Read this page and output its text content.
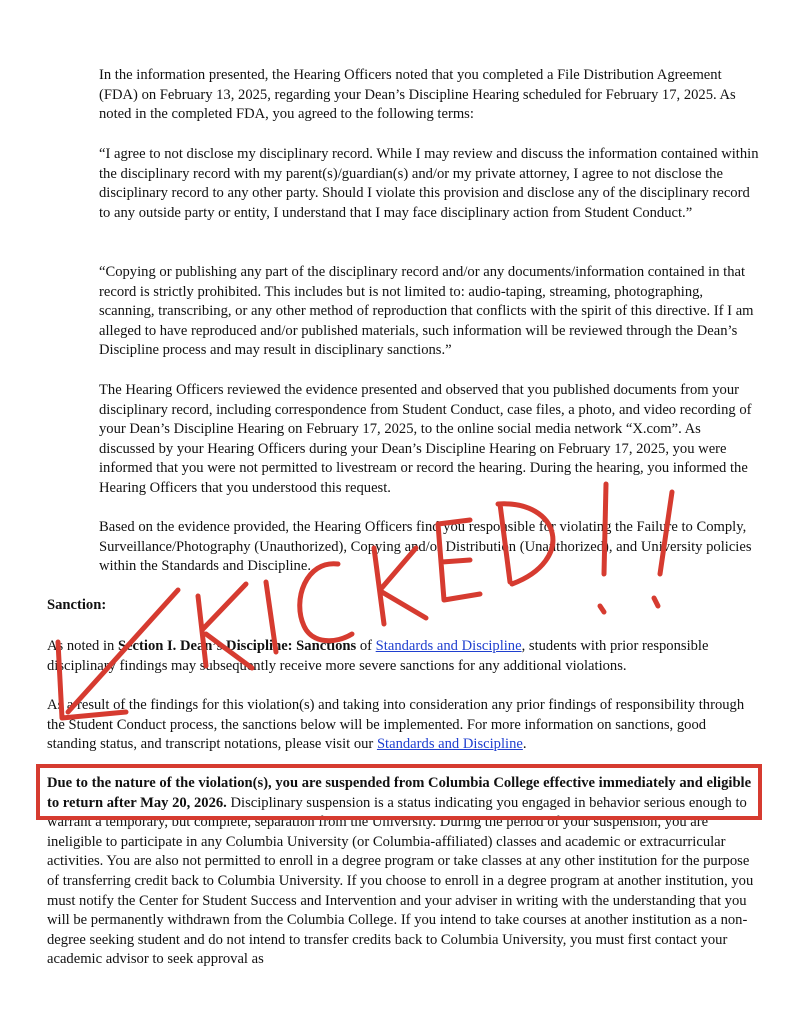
In the information presented, the Hearing Officers noted that you completed a File Distribution Agreement (FDA) on February 13, 2025, regarding your Dean’s Discipline Hearing scheduled for February 17, 2025. As noted in the completed FDA, you agreed to the following terms:

“I agree to not disclose my disciplinary record. While I may review and discuss the information contained within the disciplinary record with my parent(s)/guardian(s) and/or my private attorney, I agree to not disclose the disciplinary record to any other party. Should I violate this provision and disclose any of the disciplinary record to any outside party or entity, I understand that I may face disciplinary action from Student Conduct.”

“Copying or publishing any part of the disciplinary record and/or any documents/information contained in that record is strictly prohibited. This includes but is not limited to: audio-taping, streaming, photographing, scanning, transcribing, or any other method of reproduction that conflicts with the spirit of this directive. If I am alleged to have reproduced and/or published materials, such information will be reviewed through the Dean’s Discipline process and may result in disciplinary sanctions.”

The Hearing Officers reviewed the evidence presented and observed that you published documents from your disciplinary record, including correspondence from Student Conduct, case files, a photo, and video recording of your Dean’s Discipline Hearing on February 17, 2025, to the online social media network “X.com”. As discussed by your Hearing Officers during your Dean’s Discipline Hearing on February 17, 2025, you were informed that you were not permitted to livestream or record the hearing. During the hearing, you informed the Hearing Officers that you understood this request.

Based on the evidence provided, the Hearing Officers find you responsible for violating the Failure to Comply, Surveillance/Photography (Unauthorized), Copying and/or Distribution (Unauthorized), and University policies within the Standards and Discipline.

Sanction:

As noted in Section I. Dean’s Discipline: Sanctions of Standards and Discipline, students with prior responsible disciplinary findings may subsequently receive more severe sanctions for any additional violations.

As a result of the findings for this violation(s) and taking into consideration any prior findings of responsibility through the Student Conduct process, the sanctions below will be implemented. For more information on sanctions, good standing status, and transcript notations, please visit our Standards and Discipline.

Due to the nature of the violation(s), you are suspended from Columbia College effective immediately and eligible to return after May 20, 2026. Disciplinary suspension is a status indicating you engaged in behavior serious enough to warrant a temporary, but complete, separation from the University. During the period of your suspension, you are ineligible to participate in any Columbia University (or Columbia-affiliated) classes and academic or extracurricular activities. You are also not permitted to enroll in a degree program or take classes at any other institution for the purpose of transferring credit back to Columbia University. If you choose to enroll in a degree program at another institution, you must notify the Center for Student Success and Intervention and your adviser in writing with the understanding that you will be permanently withdrawn from the Columbia College. If you intend to take courses at another institution as a non-degree seeking student and do not intend to transfer credits back to Columbia University, you must first contact your academic advisor to seek approval as
